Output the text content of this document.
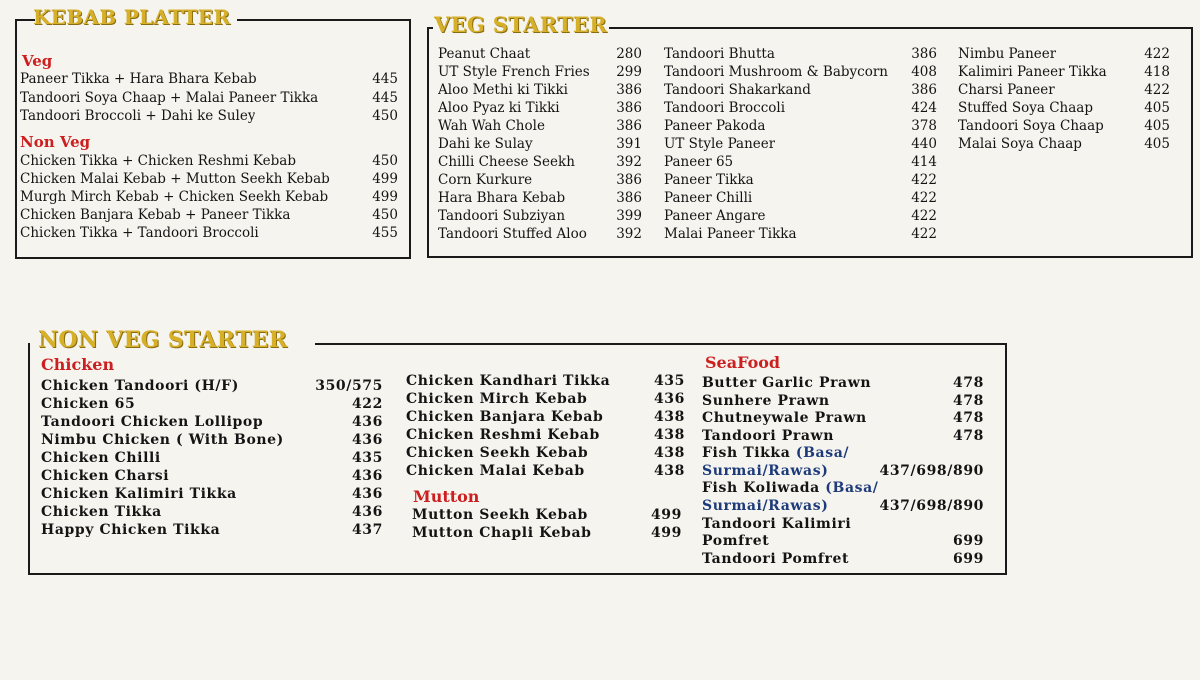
KEBAB PLATTER
Veg
Paneer Tikka + Hara Bhara Kebab	445
Tandoori Soya Chaap + Malai Paneer Tikka	445
Tandoori Broccoli + Dahi ke Suley	450
Non Veg
Chicken Tikka + Chicken Reshmi Kebab	450
Chicken Malai Kebab + Mutton Seekh Kebab	499
Murgh Mirch Kebab + Chicken Seekh Kebab	499
Chicken Banjara Kebab + Paneer Tikka	450
Chicken Tikka + Tandoori Broccoli	455
VEG STARTER
Peanut Chaat	280
UT Style French Fries 299
Aloo Methi ki Tikki	386
Aloo Pyaz ki Tikki	386
Wah Wah Chole	386
Dahi ke Sulay	391
Chilli Cheese Seekh	392
Corn Kurkure	386
Hara Bhara Kebab	386
Tandoori Subziyan	399
Tandoori Stuffed Aloo 392
Tandoori Bhutta	386
Tandoori Mushroom & Babycorn 408
Tandoori Shakarkand	386
Tandoori Broccoli	424
Paneer Pakoda	378
UT Style Paneer	440
Paneer 65	414
Paneer Tikka	422
Paneer Chilli	422
Paneer Angare	422
Malai Paneer Tikka	422
Nimbu Paneer	422
Kalimiri Paneer Tikka	418
Charsi Paneer	422
Stuffed Soya Chaap	405
Tandoori Soya Chaap	405
Malai Soya Chaap	405
NON VEG STARTER
Chicken
Chicken Tandoori (H/F)	350/575
Chicken 65	422
Tandoori Chicken Lollipop	436
Nimbu Chicken ( With Bone)	436
Chicken Chilli	435
Chicken Charsi	436
Chicken Kalimiri Tikka	436
Chicken Tikka	436
Happy Chicken Tikka	437
Chicken Kandhari Tikka	435
Chicken Mirch Kebab	436
Chicken Banjara Kebab	438
Chicken Reshmi Kebab	438
Chicken Seekh Kebab	438
Chicken Malai Kebab	438
Mutton
Mutton Seekh Kebab	499
Mutton Chapli Kebab	499
SeaFood
Butter Garlic Prawn	478
Sunhere Prawn	478
Chutneywale Prawn	478
Tandoori Prawn	478
Fish Tikka (Basa/
Surmai/Rawas)	437/698/890
Fish Koliwada (Basa/
Surmai/Rawas)	437/698/890
Tandoori Kalimiri
Pomfret	699
Tandoori Pomfret	699
